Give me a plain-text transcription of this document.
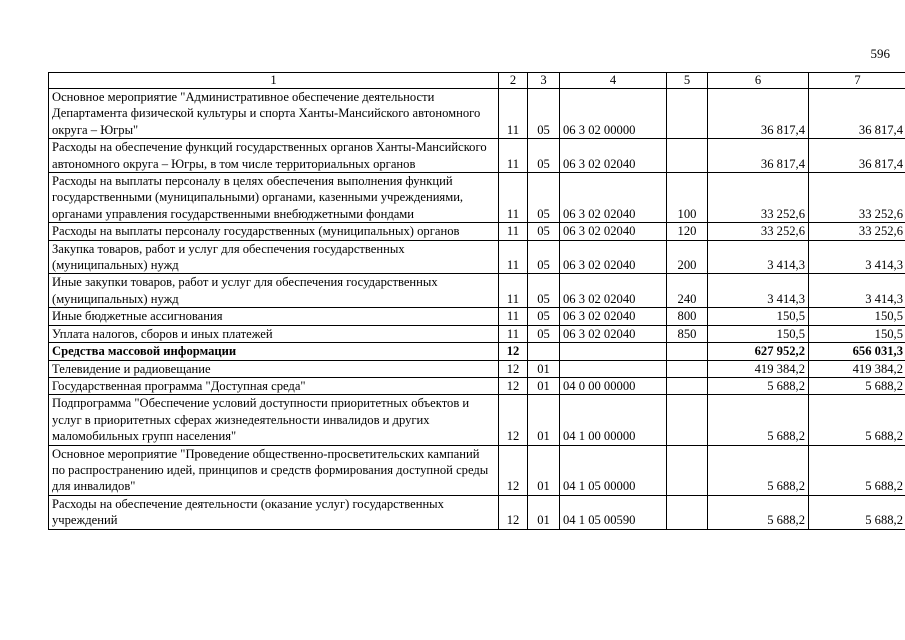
596
1	2	3	4	5	6	7
Основное мероприятие "Административное обеспечение деятельности Департамента физической культуры и спорта Ханты-Мансийского автономного округа – Югры"	11	05	06 3 02 00000		36 817,4	36 817,4
Расходы на обеспечение функций государственных органов Ханты-Мансийского автономного округа – Югры, в том числе территориальных органов	11	05	06 3 02 02040		36 817,4	36 817,4
Расходы на выплаты персоналу в целях обеспечения выполнения функций государственными (муниципальными) органами, казенными учреждениями, органами управления государственными внебюджетными фондами	11	05	06 3 02 02040	100	33 252,6	33 252,6
Расходы на выплаты персоналу государственных (муниципальных) органов	11	05	06 3 02 02040	120	33 252,6	33 252,6
Закупка товаров, работ и услуг для обеспечения государственных (муниципальных) нужд	11	05	06 3 02 02040	200	3 414,3	3 414,3
Иные закупки товаров, работ и услуг для обеспечения государственных (муниципальных) нужд	11	05	06 3 02 02040	240	3 414,3	3 414,3
Иные бюджетные ассигнования	11	05	06 3 02 02040	800	150,5	150,5
Уплата налогов, сборов и иных платежей	11	05	06 3 02 02040	850	150,5	150,5
Средства массовой информации	12				627 952,2	656 031,3
Телевидение и радиовещание	12	01			419 384,2	419 384,2
Государственная программа "Доступная среда"	12	01	04 0 00 00000		5 688,2	5 688,2
Подпрограмма "Обеспечение условий доступности приоритетных объектов и услуг в приоритетных сферах жизнедеятельности инвалидов и других маломобильных групп населения"	12	01	04 1 00 00000		5 688,2	5 688,2
Основное мероприятие "Проведение общественно-просветительских кампаний по распространению идей, принципов и средств формирования доступной среды для инвалидов"	12	01	04 1 05 00000		5 688,2	5 688,2
Расходы на обеспечение деятельности (оказание услуг) государственных учреждений	12	01	04 1 05 00590		5 688,2	5 688,2
